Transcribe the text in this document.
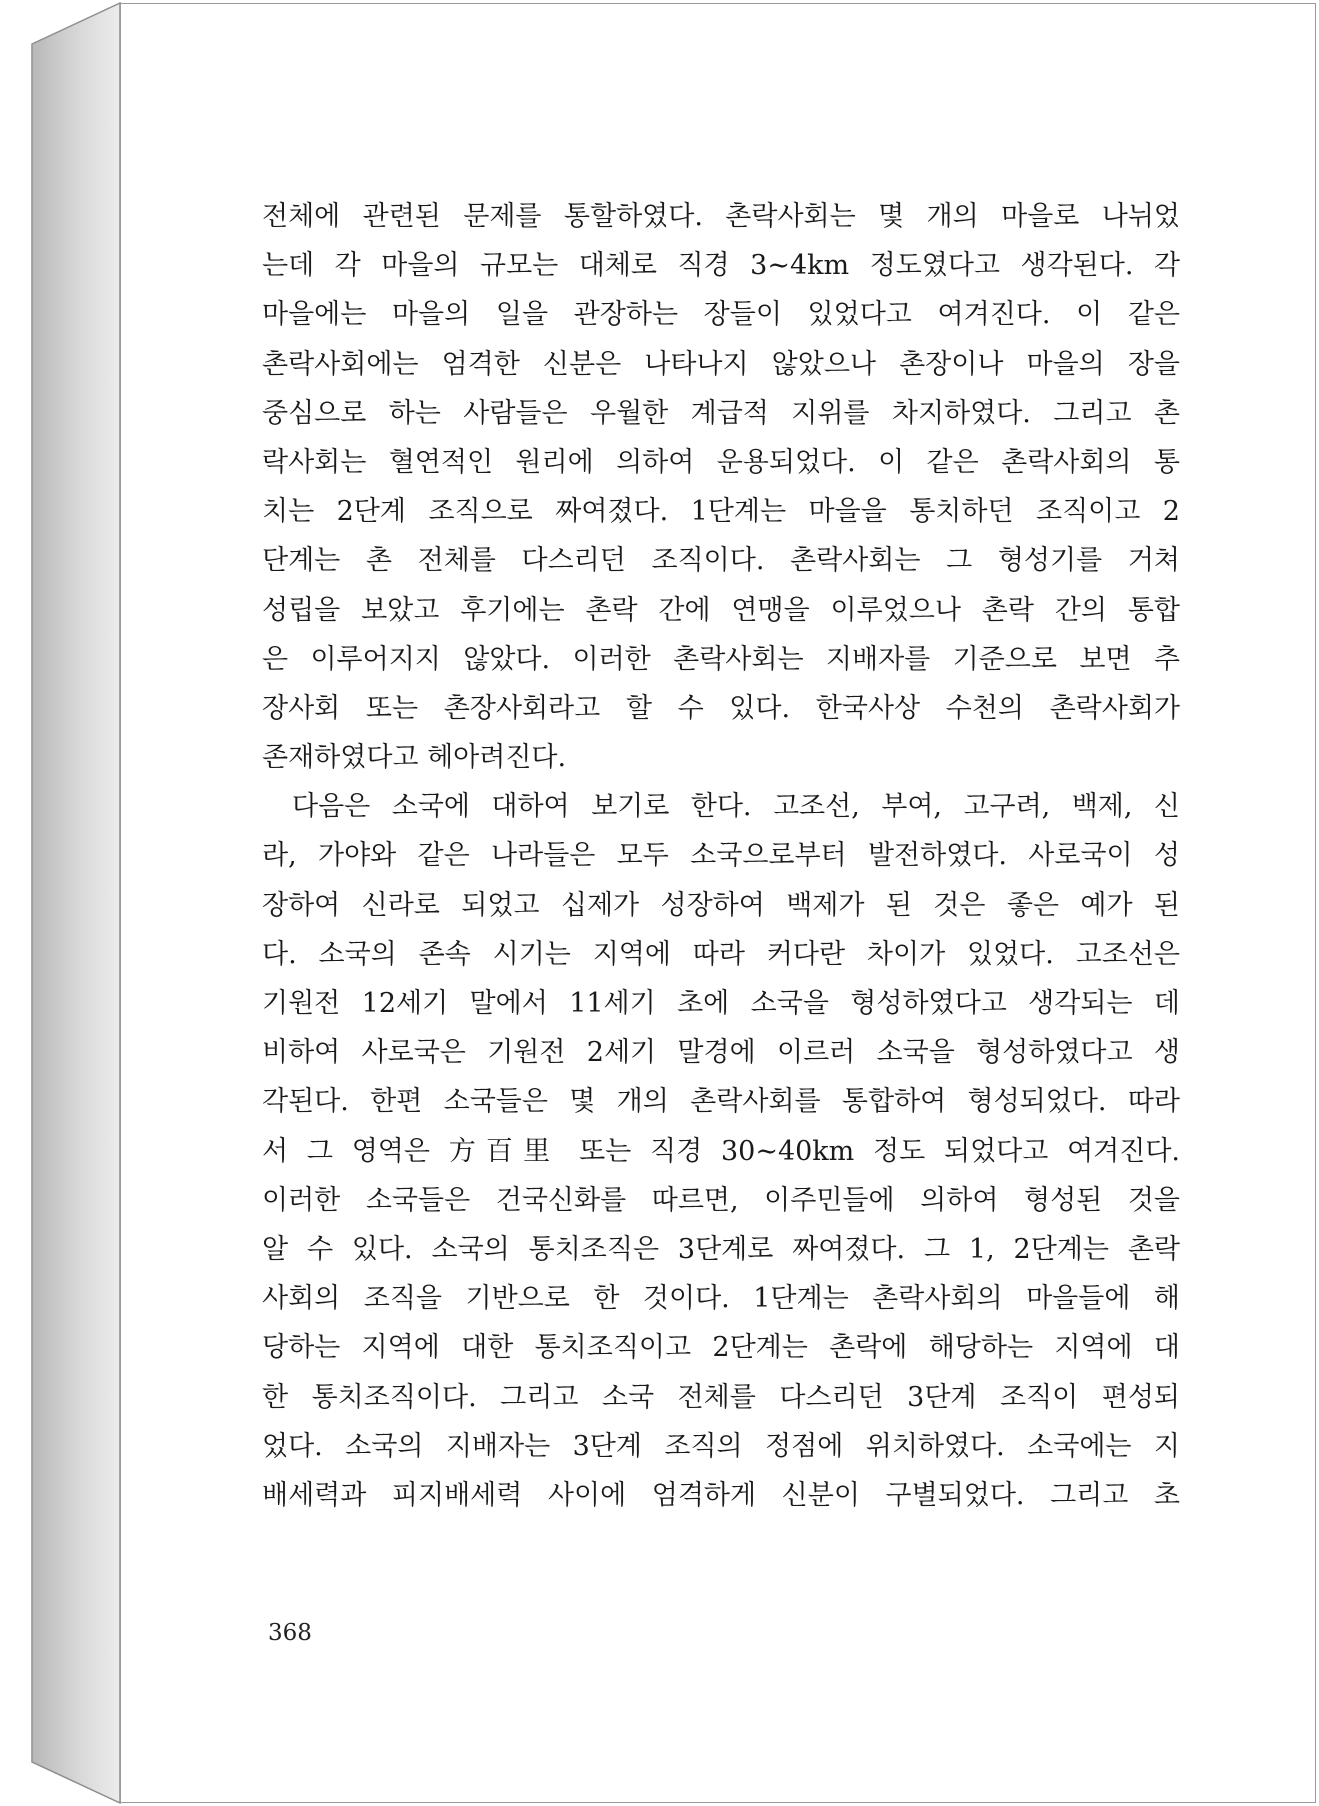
전체에 관련된 문제를 통할하였다. 촌락사회는 몇 개의 마을로 나뉘었
는데 각 마을의 규모는 대체로 직경 3∼4km 정도였다고 생각된다. 각
마을에는 마을의 일을 관장하는 장들이 있었다고 여겨진다. 이 같은
촌락사회에는 엄격한 신분은 나타나지 않았으나 촌장이나 마을의 장을
중심으로 하는 사람들은 우월한 계급적 지위를 차지하였다. 그리고 촌
락사회는 혈연적인 원리에 의하여 운용되었다. 이 같은 촌락사회의 통
치는 2단계 조직으로 짜여졌다. 1단계는 마을을 통치하던 조직이고 2
단계는 촌 전체를 다스리던 조직이다. 촌락사회는 그 형성기를 거쳐
성립을 보았고 후기에는 촌락 간에 연맹을 이루었으나 촌락 간의 통합
은 이루어지지 않았다. 이러한 촌락사회는 지배자를 기준으로 보면 추
장사회 또는 촌장사회라고 할 수 있다. 한국사상 수천의 촌락사회가
존재하였다고 헤아려진다.
다음은 소국에 대하여 보기로 한다. 고조선, 부여, 고구려, 백제, 신
라, 가야와 같은 나라들은 모두 소국으로부터 발전하였다. 사로국이 성
장하여 신라로 되었고 십제가 성장하여 백제가 된 것은 좋은 예가 된
다. 소국의 존속 시기는 지역에 따라 커다란 차이가 있었다. 고조선은
기원전 12세기 말에서 11세기 초에 소국을 형성하였다고 생각되는 데
비하여 사로국은 기원전 2세기 말경에 이르러 소국을 형성하였다고 생
각된다. 한편 소국들은 몇 개의 촌락사회를 통합하여 형성되었다. 따라
서 그 영역은 方百里 또는 직경 30∼40km 정도 되었다고 여겨진다.
이러한 소국들은 건국신화를 따르면, 이주민들에 의하여 형성된 것을
알 수 있다. 소국의 통치조직은 3단계로 짜여졌다. 그 1, 2단계는 촌락
사회의 조직을 기반으로 한 것이다. 1단계는 촌락사회의 마을들에 해
당하는 지역에 대한 통치조직이고 2단계는 촌락에 해당하는 지역에 대
한 통치조직이다. 그리고 소국 전체를 다스리던 3단계 조직이 편성되
었다. 소국의 지배자는 3단계 조직의 정점에 위치하였다. 소국에는 지
배세력과 피지배세력 사이에 엄격하게 신분이 구별되었다. 그리고 초
368
